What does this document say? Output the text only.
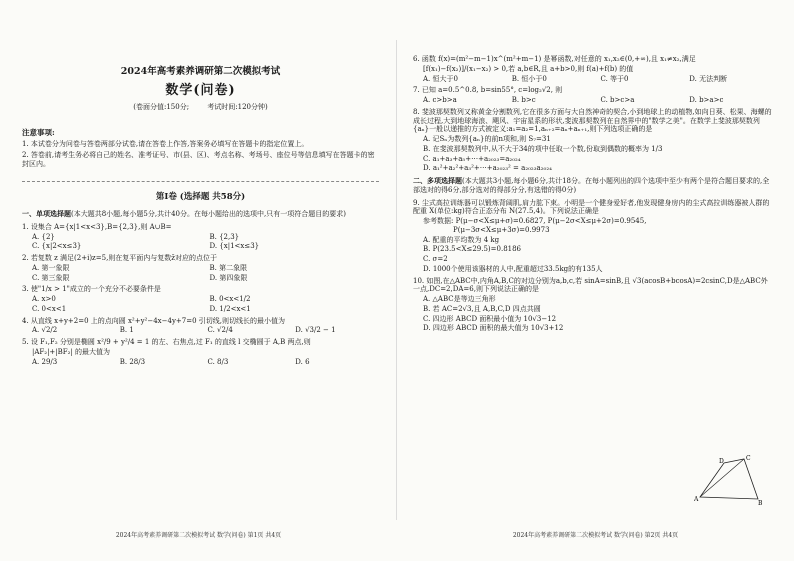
2024年高考素养调研第二次模拟考试
数学(问卷)
(卷面分值:150分;	考试时间:120分钟)
注意事项:

1. 本试卷分为问卷与答卷两部分试卷,请在答卷上作答,答案务必填写在答题卡的指定位置上。

2. 答卷前,请考生务必将自己的姓名、准考证号、市(县、区)、考点名称、考场号、座位号等信息填写在答题卡的密封区内。

第Ⅰ卷 (选择题 共58分)
一、单项选择题(本大题共8小题,每小题5分,共计40分。在每小题给出的选项中,只有一项符合题目的要求)
1. 设集合 A={x|1<x<3},B={2,3},则 A∪B=
A. {2}	B. {2,3}
C. {x|2<x≤3}	D. {x|1<x≤3}
2. 若复数 z 满足(2+i)z=5,则在复平面内与复数z̄对应的点位于
A. 第一象限	B. 第二象限
C. 第三象限	D. 第四象限
3. 使"1/x > 1"成立的一个充分不必要条件是
A. x>0	B. 0<x<1/2
C. 0<x<1	D. 1/2<x<1
4. 从直线 x+y+2=0 上的点向圆 x²+y²−4x−4y+7=0 引切线,则切线长的最小值为
A. √2/2	B. 1	C. √2/4	D. √3/2 − 1
5. 设 F₁,F₂ 分别是椭圆 x²/9 + y²/4 = 1 的左、右焦点,过 F₁ 的直线 l 交椭圆于 A,B 两点,则
|AF₂|+|BF₂| 的最大值为
A. 29/3	B. 28/3	C. 8/3	D. 6
2024年高考素养调研第二次模拟考试 数学(问卷) 第1页 共4页
6. 函数 f(x)=(m²−m−1)x^(m²+m−1) 是幂函数,对任意的 x₁,x₂∈(0,+∞),且 x₁≠x₂,满足
[f(x₁)−f(x₂)]/(x₁−x₂) > 0,若 a,b∈R,且 a+b>0,则 f(a)+f(b) 的值
A. 恒大于0	B. 恒小于0	C. 等于0	D. 无法判断
7. 已知 a=0.5^0.8, b=sin55°, c=log₂√2, 则
A. c>b>a	B. b>c	C. b>c>a	D. b>a>c
8. 斐波那契数列又称黄金分割数列,它在很多方面与大自然神奇的契合,小到地球上的动植物,如向日葵、松果、海螺的成长过程,大到地球海浪、飓风、宇宙星系的形状,斐波那契数列在自然界中的"数学之美"。在数学上斐波那契数列{aₙ}一般以递推的方式被定义:a₁=a₂=1,aₙ₊₂=aₙ+aₙ₊₁,则下列选项正确的是
A. 记Sₙ为数列{aₙ}的前n项和,则 S₇=31
B. 在斐波那契数列中,从不大于34的项中任取一个数,份取到偶数的概率为 1/3
C. a₁+a₃+a₅+⋯+a₂₀₂₃=a₂₀₂₄
D. a₁²+a₂²+a₃²+⋯+a₂₀₂₃² = a₂₀₂₃a₂₀₂₄
二、多项选择题(本大题共3小题,每小题6分,共计18分。在每小题列出的四个选项中至少有两个是符合题目要求的,全部选对的得6分,部分选对的得部分分,有选错的得0分)
9. 尘式高拉训练器可以锻炼背阔肌,肩力肱下束。小明是一个健身爱好者,他发现健身房内的尘式高拉训练器被人群的配重 X(单位:kg)符合正态分布 N(27.5,4)。下列说法正确是
参考数据: P(μ−σ<X≤μ+σ)=0.6827, P(μ−2σ<X≤μ+2σ)=0.9545,
P(μ−3σ<X≤μ+3σ)=0.9973
A. 配重的平均数为 4 kg
B. P(23.5<X≤29.5)=0.8186
C. σ=2
D. 1000个使用该器材的人中,配重超过33.5kg的有135人
10. 如图,在△ABC中,内角A,B,C的对边分别为a,b,c,若 sinA=sinB,且 √3(acosB+bcosA)=2csinC,D是△ABC外一点,DC=2,DA=6,则下列说法正确的是
A. △ABC是等边三角形
B. 若 AC=2√3,且 A,B,C,D 四点共圆
C. 四边形 ABCD 面积最小值为 10√3−12
D. 四边形 ABCD 面积的最大值为 10√3+12
D	C
A
B
2024年高考素养调研第二次模拟考试 数学(问卷) 第2页 共4页
